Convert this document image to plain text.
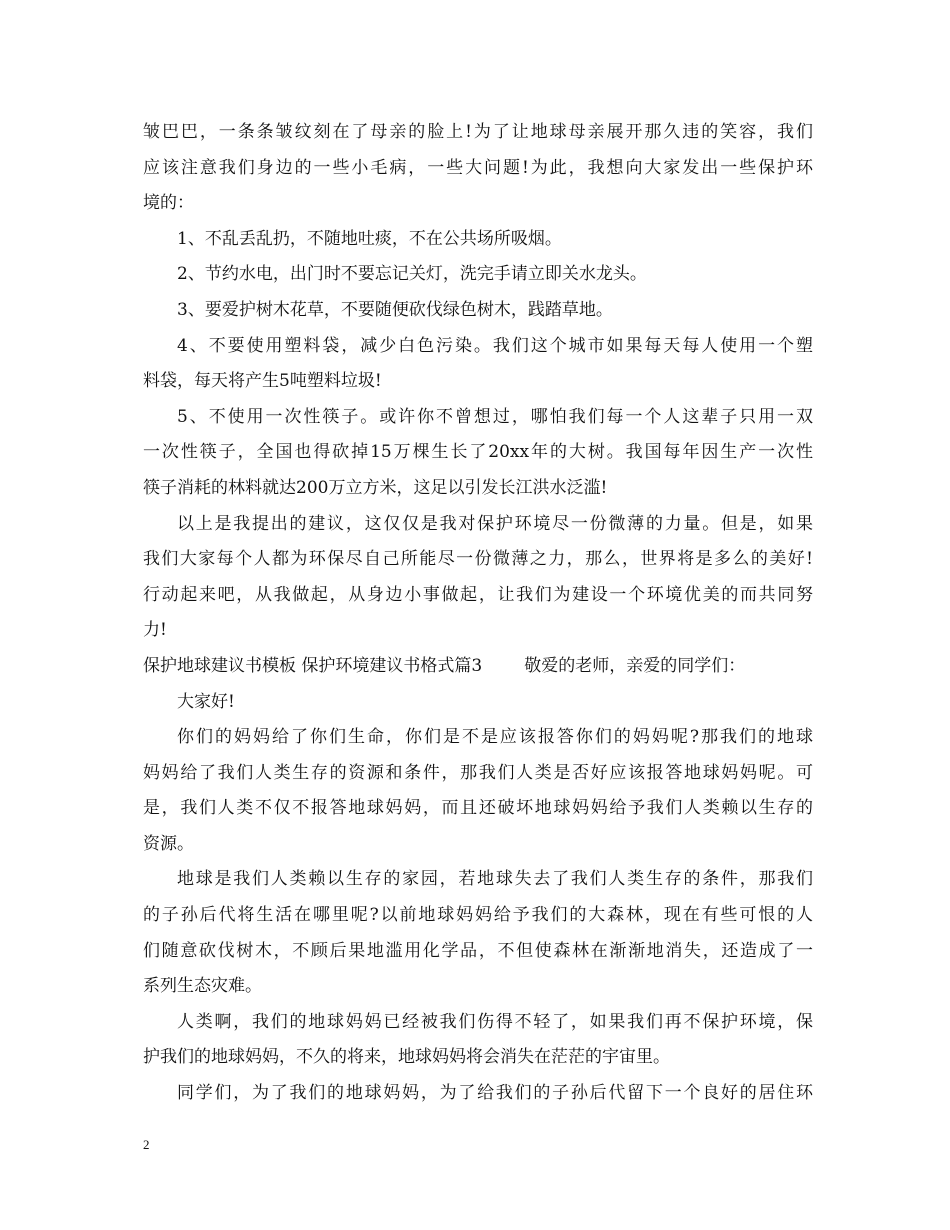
皱巴巴，一条条皱纹刻在了母亲的脸上!为了让地球母亲展开那久违的笑容，我们
应该注意我们身边的一些小毛病，一些大问题!为此，我想向大家发出一些保护环
境的：
1、不乱丢乱扔，不随地吐痰，不在公共场所吸烟。
2、节约水电，出门时不要忘记关灯，洗完手请立即关水龙头。
3、要爱护树木花草，不要随便砍伐绿色树木，践踏草地。
4、不要使用塑料袋，减少白色污染。我们这个城市如果每天每人使用一个塑
料袋，每天将产生5吨塑料垃圾!
5、不使用一次性筷子。或许你不曾想过，哪怕我们每一个人这辈子只用一双
一次性筷子，全国也得砍掉15万棵生长了20xx年的大树。我国每年因生产一次性
筷子消耗的林料就达200万立方米，这足以引发长江洪水泛滥!
以上是我提出的建议，这仅仅是我对保护环境尽一份微薄的力量。但是，如果
我们大家每个人都为环保尽自己所能尽一份微薄之力，那么，世界将是多么的美好!
行动起来吧，从我做起，从身边小事做起，让我们为建设一个环境优美的而共同努
力!
保护地球建议书模板 保护环境建议书格式篇3 敬爱的老师，亲爱的同学们：
大家好!
你们的妈妈给了你们生命，你们是不是应该报答你们的妈妈呢?那我们的地球
妈妈给了我们人类生存的资源和条件，那我们人类是否好应该报答地球妈妈呢。可
是，我们人类不仅不报答地球妈妈，而且还破坏地球妈妈给予我们人类赖以生存的
资源。
地球是我们人类赖以生存的家园，若地球失去了我们人类生存的条件，那我们
的子孙后代将生活在哪里呢?以前地球妈妈给予我们的大森林，现在有些可恨的人
们随意砍伐树木，不顾后果地滥用化学品，不但使森林在渐渐地消失，还造成了一
系列生态灾难。
人类啊，我们的地球妈妈已经被我们伤得不轻了，如果我们再不保护环境，保
护我们的地球妈妈，不久的将来，地球妈妈将会消失在茫茫的宇宙里。
同学们，为了我们的地球妈妈，为了给我们的子孙后代留下一个良好的居住环
2
